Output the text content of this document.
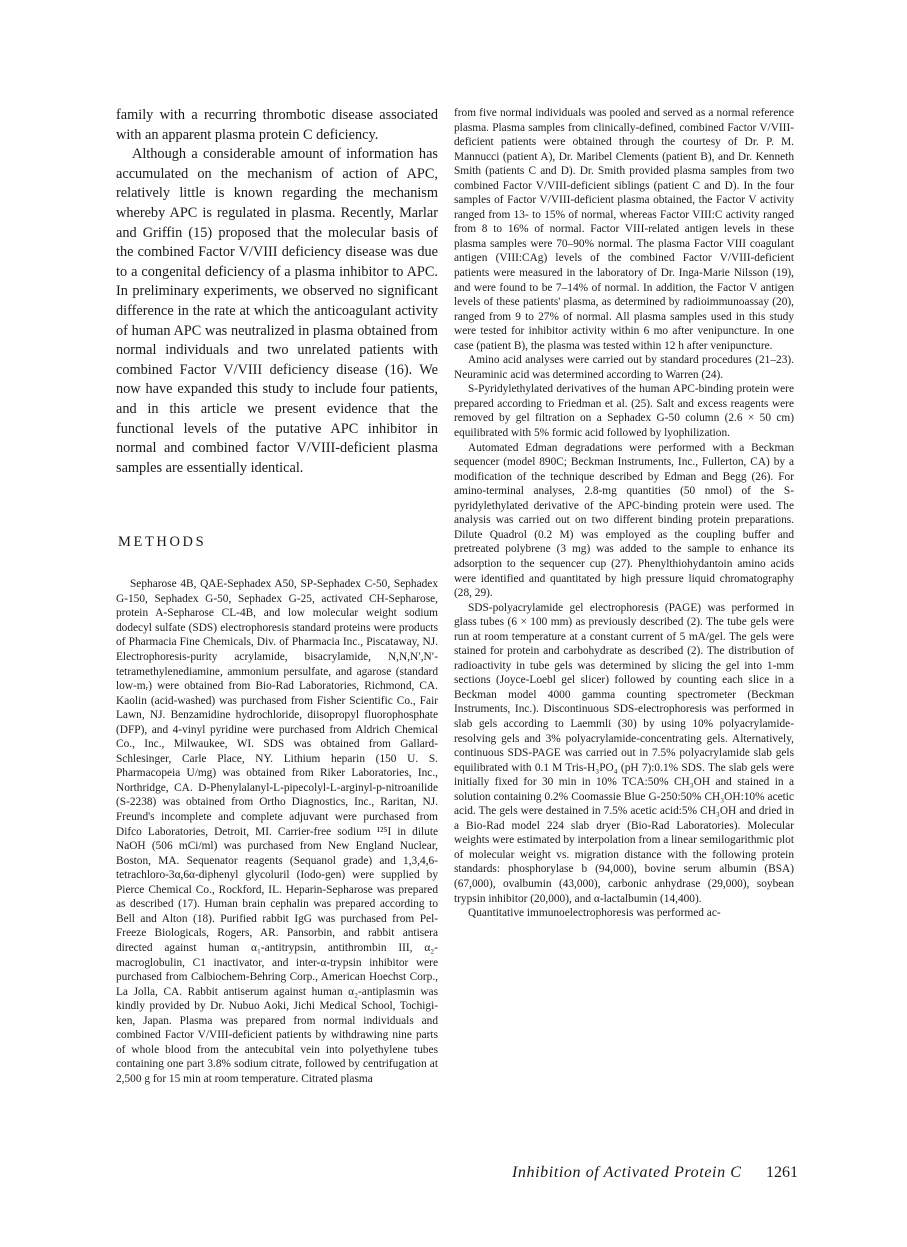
family with a recurring thrombotic disease associated with an apparent plasma protein C deficiency.

Although a considerable amount of information has accumulated on the mechanism of action of APC, relatively little is known regarding the mechanism whereby APC is regulated in plasma. Recently, Marlar and Griffin (15) proposed that the molecular basis of the combined Factor V/VIII deficiency disease was due to a congenital deficiency of a plasma inhibitor to APC. In preliminary experiments, we observed no significant difference in the rate at which the anticoagulant activity of human APC was neutralized in plasma obtained from normal individuals and two unrelated patients with combined Factor V/VIII deficiency disease (16). We now have expanded this study to include four patients, and in this article we present evidence that the functional levels of the putative APC inhibitor in normal and combined factor V/VIII-deficient plasma samples are essentially identical.

METHODS

Sepharose 4B, QAE-Sephadex A50, SP-Sephadex C-50, Sephadex G-150, Sephadex G-50, Sephadex G-25, activated CH-Sepharose, protein A-Sepharose CL-4B, and low molecular weight sodium dodecyl sulfate (SDS) electrophoresis standard proteins were products of Pharmacia Fine Chemicals, Div. of Pharmacia Inc., Piscataway, NJ. Electrophoresis-purity acrylamide, bisacrylamide, N,N,N′,N′-tetramethylenediamine, ammonium persulfate, and agarose (standard low-mᵣ) were obtained from Bio-Rad Laboratories, Richmond, CA. Kaolin (acid-washed) was purchased from Fisher Scientific Co., Fair Lawn, NJ. Benzamidine hydrochloride, diisopropyl fluorophosphate (DFP), and 4-vinyl pyridine were purchased from Aldrich Chemical Co., Inc., Milwaukee, WI. SDS was obtained from Gallard-Schlesinger, Carle Place, NY. Lithium heparin (150 U. S. Pharmacopeia U/mg) was obtained from Riker Laboratories, Inc., Northridge, CA. D-Phenylalanyl-L-pipecolyl-L-arginyl-p-nitroanilide (S-2238) was obtained from Ortho Diagnostics, Inc., Raritan, NJ. Freund's incomplete and complete adjuvant were purchased from Difco Laboratories, Detroit, MI. Carrier-free sodium ¹²⁵I in dilute NaOH (506 mCi/ml) was purchased from New England Nuclear, Boston, MA. Sequenator reagents (Sequanol grade) and 1,3,4,6-tetrachloro-3α,6α-diphenyl glycoluril (Iodo-gen) were supplied by Pierce Chemical Co., Rockford, IL. Heparin-Sepharose was prepared as described (17). Human brain cephalin was prepared according to Bell and Alton (18). Purified rabbit IgG was purchased from Pel-Freeze Biologicals, Rogers, AR. Pansorbin, and rabbit antisera directed against human α₁-antitrypsin, antithrombin III, α₂-macroglobulin, C1 inactivator, and inter-α-trypsin inhibitor were purchased from Calbiochem-Behring Corp., American Hoechst Corp., La Jolla, CA. Rabbit antiserum against human α₂-antiplasmin was kindly provided by Dr. Nubuo Aoki, Jichi Medical School, Tochigi-ken, Japan. Plasma was prepared from normal individuals and combined Factor V/VIII-deficient patients by withdrawing nine parts of whole blood from the antecubital vein into polyethylene tubes containing one part 3.8% sodium citrate, followed by centrifugation at 2,500 g for 15 min at room temperature. Citrated plasma

from five normal individuals was pooled and served as a normal reference plasma. Plasma samples from clinically-defined, combined Factor V/VIII-deficient patients were obtained through the courtesy of Dr. P. M. Mannucci (patient A), Dr. Maribel Clements (patient B), and Dr. Kenneth Smith (patients C and D). Dr. Smith provided plasma samples from two combined Factor V/VIII-deficient siblings (patient C and D). In the four samples of Factor V/VIII-deficient plasma obtained, the Factor V activity ranged from 13- to 15% of normal, whereas Factor VIII:C activity ranged from 8 to 16% of normal. Factor VIII-related antigen levels in these plasma samples were 70–90% normal. The plasma Factor VIII coagulant antigen (VIII:CAg) levels of the combined Factor V/VIII-deficient patients were measured in the laboratory of Dr. Inga-Marie Nilsson (19), and were found to be 7–14% of normal. In addition, the Factor V antigen levels of these patients' plasma, as determined by radioimmunoassay (20), ranged from 9 to 27% of normal. All plasma samples used in this study were tested for inhibitor activity within 6 mo after venipuncture. In one case (patient B), the plasma was tested within 12 h after venipuncture.

Amino acid analyses were carried out by standard procedures (21–23). Neuraminic acid was determined according to Warren (24).

S-Pyridylethylated derivatives of the human APC-binding protein were prepared according to Friedman et al. (25). Salt and excess reagents were removed by gel filtration on a Sephadex G-50 column (2.6 × 50 cm) equilibrated with 5% formic acid followed by lyophilization.

Automated Edman degradations were performed with a Beckman sequencer (model 890C; Beckman Instruments, Inc., Fullerton, CA) by a modification of the technique described by Edman and Begg (26). For amino-terminal analyses, 2.8-mg quantities (50 nmol) of the S-pyridylethylated derivative of the APC-binding protein were used. The analysis was carried out on two different binding protein preparations. Dilute Quadrol (0.2 M) was employed as the coupling buffer and pretreated polybrene (3 mg) was added to the sample to enhance its adsorption to the sequencer cup (27). Phenylthiohydantoin amino acids were identified and quantitated by high pressure liquid chromatography (28, 29).

SDS-polyacrylamide gel electrophoresis (PAGE) was performed in glass tubes (6 × 100 mm) as previously described (2). The tube gels were run at room temperature at a constant current of 5 mA/gel. The gels were stained for protein and carbohydrate as described (2). The distribution of radioactivity in tube gels was determined by slicing the gel into 1-mm sections (Joyce-Loebl gel slicer) followed by counting each slice in a Beckman model 4000 gamma counting spectrometer (Beckman Instruments, Inc.). Discontinuous SDS-electrophoresis was performed in slab gels according to Laemmli (30) by using 10% polyacrylamide-resolving gels and 3% polyacrylamide-concentrating gels. Alternatively, continuous SDS-PAGE was carried out in 7.5% polyacrylamide slab gels equilibrated with 0.1 M Tris-H₃PO₄ (pH 7):0.1% SDS. The slab gels were initially fixed for 30 min in 10% TCA:50% CH₃OH and stained in a solution containing 0.2% Coomassie Blue G-250:50% CH₃OH:10% acetic acid. The gels were destained in 7.5% acetic acid:5% CH₃OH and dried in a Bio-Rad model 224 slab dryer (Bio-Rad Laboratories). Molecular weights were estimated by interpolation from a linear semilogarithmic plot of molecular weight vs. migration distance with the following protein standards: phosphorylase b (94,000), bovine serum albumin (BSA) (67,000), ovalbumin (43,000), carbonic anhydrase (29,000), soybean trypsin inhibitor (20,000), and α-lactalbumin (14,400).

Quantitative immunoelectrophoresis was performed ac-

Inhibition of Activated Protein C 1261
